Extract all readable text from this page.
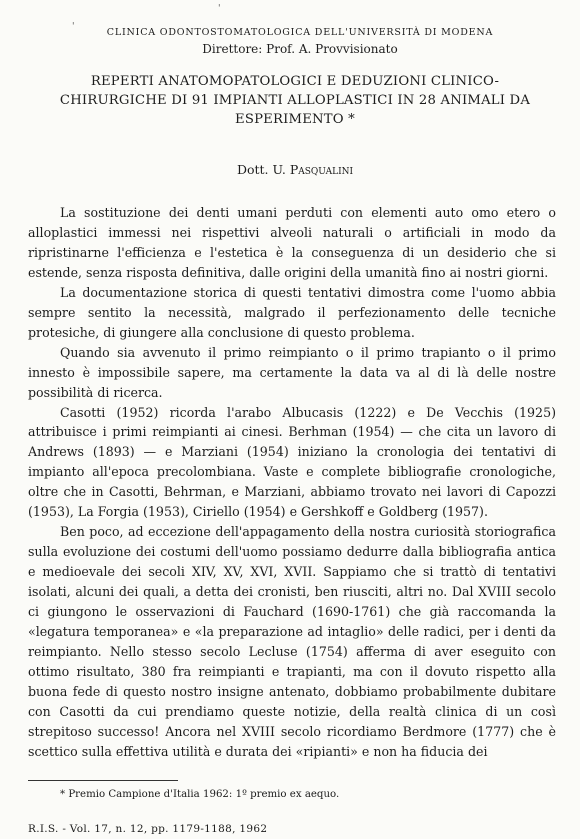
'
'
CLINICA ODONTOSTOMATOLOGICA DELL'UNIVERSITÀ DI MODENA
Direttore: Prof. A. Provvisionato
REPERTI ANATOMOPATOLOGICI E DEDUZIONI CLINICO-CHIRURGICHE DI 91 IMPIANTI ALLOPLASTICI IN 28 ANIMALI DA ESPERIMENTO *
Dott. U. Pasqualini

La sostituzione dei denti umani perduti con elementi auto omo etero o alloplastici immessi nei rispettivi alveoli naturali o artificiali in modo da ripristinarne l'efficienza e l'estetica è la conseguenza di un desiderio che si estende, senza risposta definitiva, dalle origini della umanità fino ai nostri giorni.

La documentazione storica di questi tentativi dimostra come l'uomo abbia sempre sentito la necessità, malgrado il perfezionamento delle tecniche protesiche, di giungere alla conclusione di questo problema.

Quando sia avvenuto il primo reimpianto o il primo trapianto o il primo innesto è impossibile sapere, ma certamente la data va al di là delle nostre possibilità di ricerca.

Casotti (1952) ricorda l'arabo Albucasis (1222) e De Vecchis (1925) attribuisce i primi reimpianti ai cinesi. Berhman (1954) — che cita un lavoro di Andrews (1893) — e Marziani (1954) iniziano la cronologia dei tentativi di impianto all'epoca precolombiana. Vaste e complete bibliografie cronologiche, oltre che in Casotti, Behrman, e Marziani, abbiamo trovato nei lavori di Capozzi (1953), La Forgia (1953), Ciriello (1954) e Gershkoff e Goldberg (1957).

Ben poco, ad eccezione dell'appagamento della nostra curiosità storiografica sulla evoluzione dei costumi dell'uomo possiamo dedurre dalla bibliografia antica e medioevale dei secoli XIV, XV, XVI, XVII. Sappiamo che si trattò di tentativi isolati, alcuni dei quali, a detta dei cronisti, ben riusciti, altri no. Dal XVIII secolo ci giungono le osservazioni di Fauchard (1690-1761) che già raccomanda la «legatura temporanea» e «la preparazione ad intaglio» delle radici, per i denti da reimpianto. Nello stesso secolo Lecluse (1754) afferma di aver eseguito con ottimo risultato, 380 fra reimpianti e trapianti, ma con il dovuto rispetto alla buona fede di questo nostro insigne antenato, dobbiamo probabilmente dubitare con Casotti da cui prendiamo queste notizie, della realtà clinica di un così strepitoso successo! Ancora nel XVIII secolo ricordiamo Berdmore (1777) che è scettico sulla effettiva utilità e durata dei «ripianti» e non ha fiducia dei

* Premio Campione d'Italia 1962: 1º premio ex aequo.
R.I.S. - Vol. 17, n. 12, pp. 1179-1188, 1962
